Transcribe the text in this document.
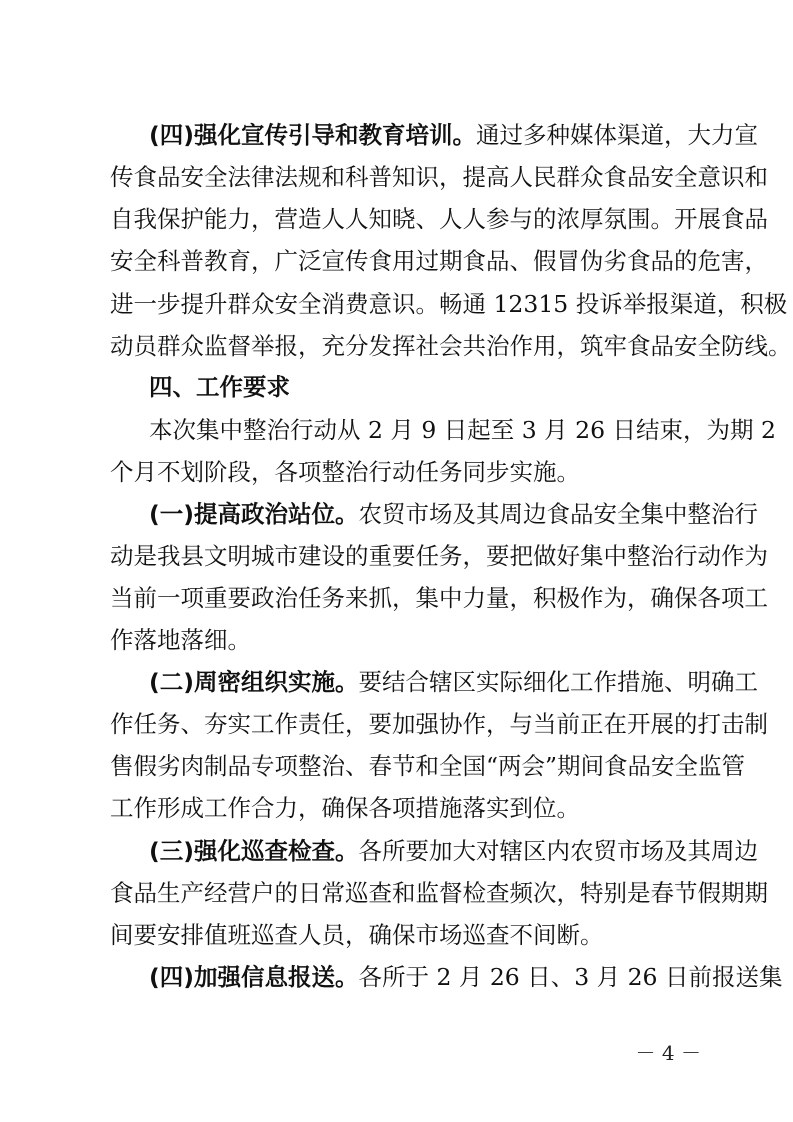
(四)强化宣传引导和教育培训。通过多种媒体渠道，大力宣
传食品安全法律法规和科普知识，提高人民群众食品安全意识和
自我保护能力，营造人人知晓、人人参与的浓厚氛围。开展食品
安全科普教育，广泛宣传食用过期食品、假冒伪劣食品的危害，
进一步提升群众安全消费意识。畅通 12315 投诉举报渠道，积极
动员群众监督举报，充分发挥社会共治作用，筑牢食品安全防线。
四、工作要求
本次集中整治行动从 2 月 9 日起至 3 月 26 日结束，为期 2
个月不划阶段，各项整治行动任务同步实施。
(一)提高政治站位。农贸市场及其周边食品安全集中整治行
动是我县文明城市建设的重要任务，要把做好集中整治行动作为
当前一项重要政治任务来抓，集中力量，积极作为，确保各项工
作落地落细。
(二)周密组织实施。要结合辖区实际细化工作措施、明确工
作任务、夯实工作责任，要加强协作，与当前正在开展的打击制
售假劣肉制品专项整治、春节和全国“两会”期间食品安全监管
工作形成工作合力，确保各项措施落实到位。
(三)强化巡查检查。各所要加大对辖区内农贸市场及其周边
食品生产经营户的日常巡查和监督检查频次，特别是春节假期期
间要安排值班巡查人员，确保市场巡查不间断。
(四)加强信息报送。各所于 2 月 26 日、3 月 26 日前报送集
－ 4 －
